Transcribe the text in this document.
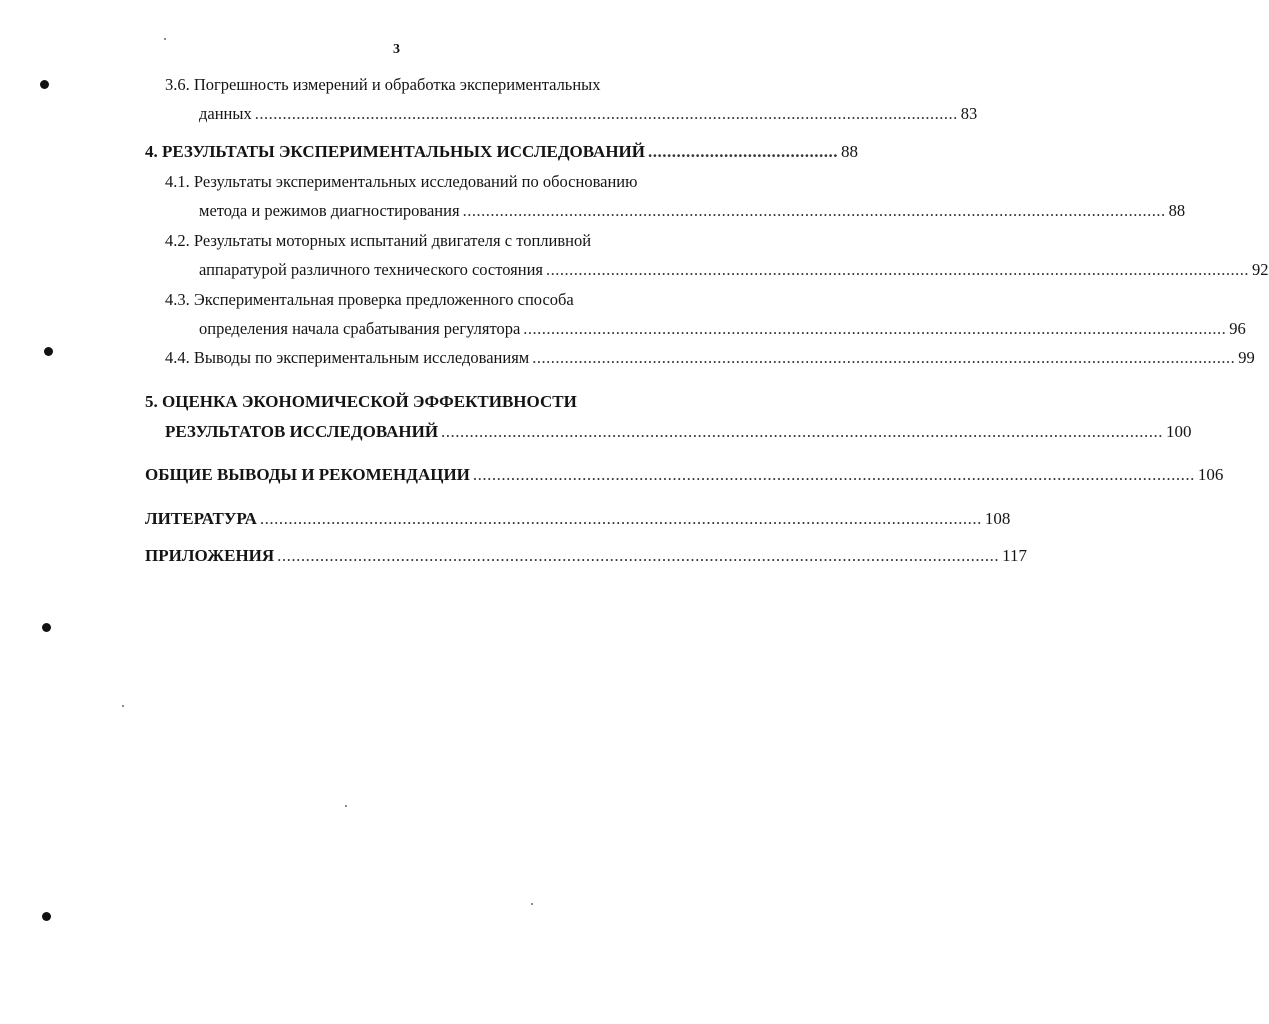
3
3.6. Погрешность измерений и обработка экспериментальных
данных ........................................................................................................................................................ 83
4. РЕЗУЛЬТАТЫ ЭКСПЕРИМЕНТАЛЬНЫХ ИССЛЕДОВАНИЙ ........................................ 88
4.1. Результаты экспериментальных исследований по обоснованию
метода и режимов диагностирования ........................................................................................................................................................ 88
4.2. Результаты моторных испытаний двигателя с топливной
аппаратурой различного технического состояния ........................................................................................................................................................ 92
4.3. Экспериментальная проверка предложенного способа
определения начала срабатывания регулятора ........................................................................................................................................................ 96
4.4. Выводы по экспериментальным исследованиям ........................................................................................................................................................ 99
5. ОЦЕНКА ЭКОНОМИЧЕСКОЙ ЭФФЕКТИВНОСТИ
РЕЗУЛЬТАТОВ ИССЛЕДОВАНИЙ ........................................................................................................................................................ 100
ОБЩИЕ ВЫВОДЫ И РЕКОМЕНДАЦИИ ........................................................................................................................................................ 106
ЛИТЕРАТУРА ........................................................................................................................................................ 108
ПРИЛОЖЕНИЯ ........................................................................................................................................................ 117
